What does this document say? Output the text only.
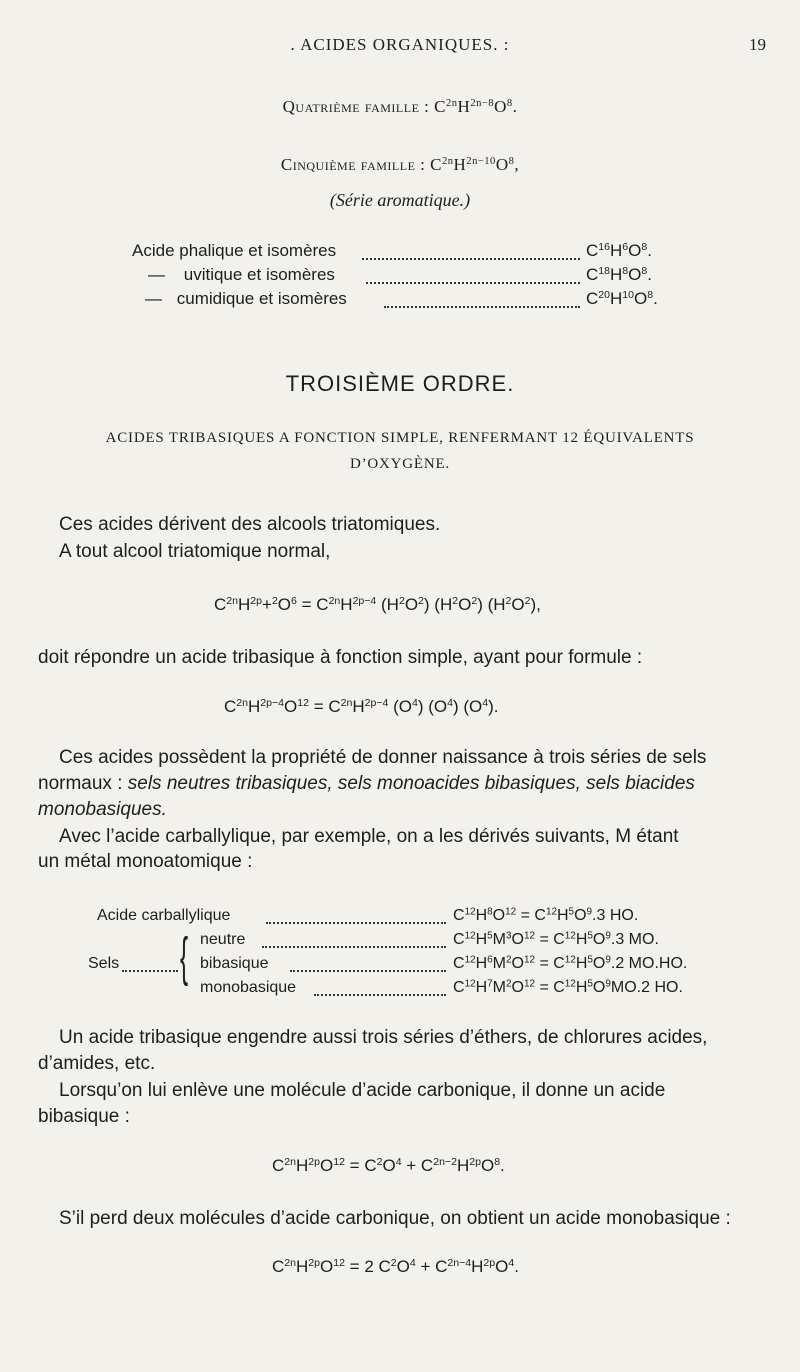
. ACIDES ORGANIQUES. :	19
Quatrième famille : $C^{2n}H^{2n-8}O^8$.
Cinquième famille : $C^{2n}H^{2n-10}O^8$,
(Série aromatique.)
Acide phalique et isomères	$C^{16}H^6O^8$.
— uvitique et isomères	$C^{18}H^8O^8$.
— cumidique et isomères	$C^{20}H^{10}O^8$.
TROISIÈME ORDRE.
ACIDES TRIBASIQUES A FONCTION SIMPLE, RENFERMANT 12 ÉQUIVALENTS
D’OXYGÈNE.
Ces acides dérivent des alcools triatomiques.
A tout alcool triatomique normal,
$C^{2n}H^{2p}+^2O^6 = C^{2n}H^{2p-4}$ $(H^2O^2)$ $(H^2O^2)$ $(H^2O^2)$,
doit répondre un acide tribasique à fonction simple, ayant pour formule :
$C^{2n}H^{2p-4}O^{12} = C^{2n}H^{2p-4}$ $(O^4)$ $(O^4)$ $(O^4)$.
Ces acides possèdent la propriété de donner naissance à trois séries de sels
normaux : sels neutres tribasiques, sels monoacides bibasiques, sels biacides
monobasiques.
Avec l’acide carballylique, par exemple, on a les dérivés suivants, M étant
un métal monoatomique :
Acide carballylique	$C^{12}H^8O^{12} = C^{12}H^5O^9.3$ HO.
Sels { neutre	$C^{12}H^5M^3O^{12} = C^{12}H^5O^9.3$ MO.
bibasique	$C^{12}H^6M^2O^{12} = C^{12}H^5O^9.2$ MO.HO.
monobasique	$C^{12}H^7M^2O^{12} = C^{12}H^5O^9MO.2$ HO.
Un acide tribasique engendre aussi trois séries d’éthers, de chlorures acides,
d’amides, etc.
Lorsqu’on lui enlève une molécule d’acide carbonique, il donne un acide
bibasique :
$C^{2n}H^{2p}O^{12} = C^2O^4 + C^{2n-2}H^{2p}O^8$.
S’il perd deux molécules d’acide carbonique, on obtient un acide monobasique :
$C^{2n}H^{2p}O^{12} = 2$ $C^2O^4 + C^{2n-4}H^{2p}O^4$.
